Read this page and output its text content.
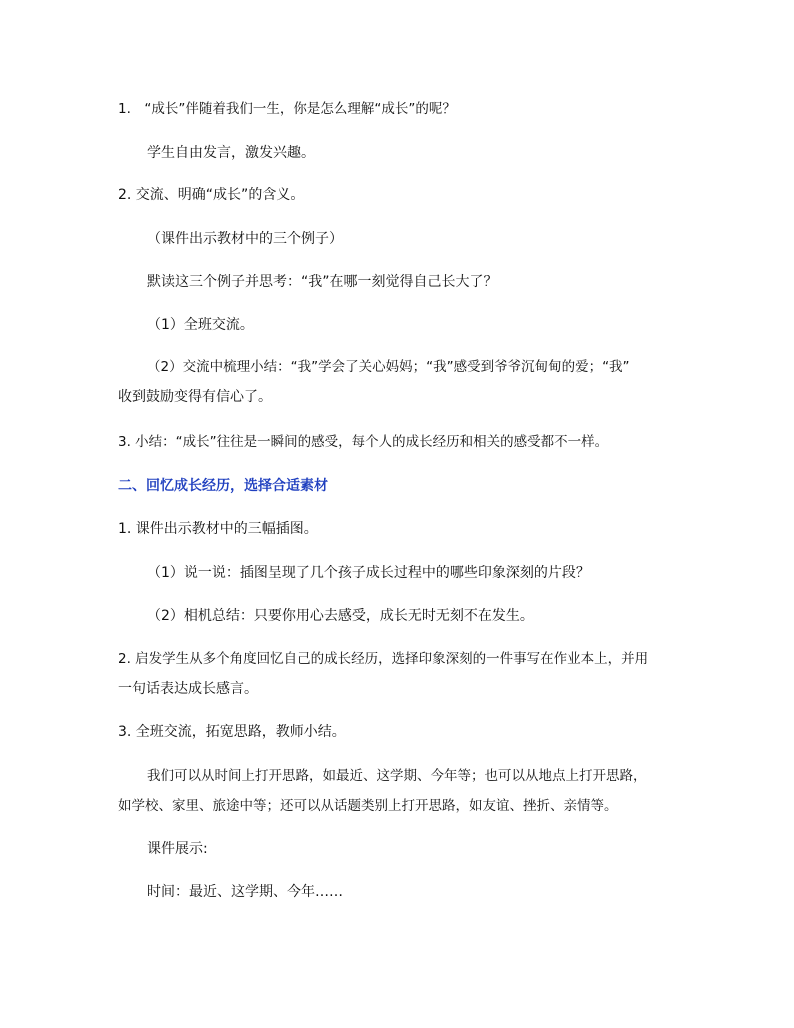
1.　“成长”伴随着我们一生，你是怎么理解“成长”的呢？
学生自由发言，激发兴趣。
2. 交流、明确“成长”的含义。
（课件出示教材中的三个例子）
默读这三个例子并思考：“我”在哪一刻觉得自己长大了？
（1）全班交流。
（2）交流中梳理小结：“我”学会了关心妈妈；“我”感受到爷爷沉甸甸的爱；“我”
收到鼓励变得有信心了。
3. 小结：“成长”往往是一瞬间的感受，每个人的成长经历和相关的感受都不一样。
二、回忆成长经历，选择合适素材
1. 课件出示教材中的三幅插图。
（1）说一说：插图呈现了几个孩子成长过程中的哪些印象深刻的片段？
（2）相机总结：只要你用心去感受，成长无时无刻不在发生。
2. 启发学生从多个角度回忆自己的成长经历，选择印象深刻的一件事写在作业本上，并用
一句话表达成长感言。
3. 全班交流，拓宽思路，教师小结。
我们可以从时间上打开思路，如最近、这学期、今年等；也可以从地点上打开思路，
如学校、家里、旅途中等；还可以从话题类别上打开思路，如友谊、挫折、亲情等。
课件展示:
时间：最近、这学期、今年……
